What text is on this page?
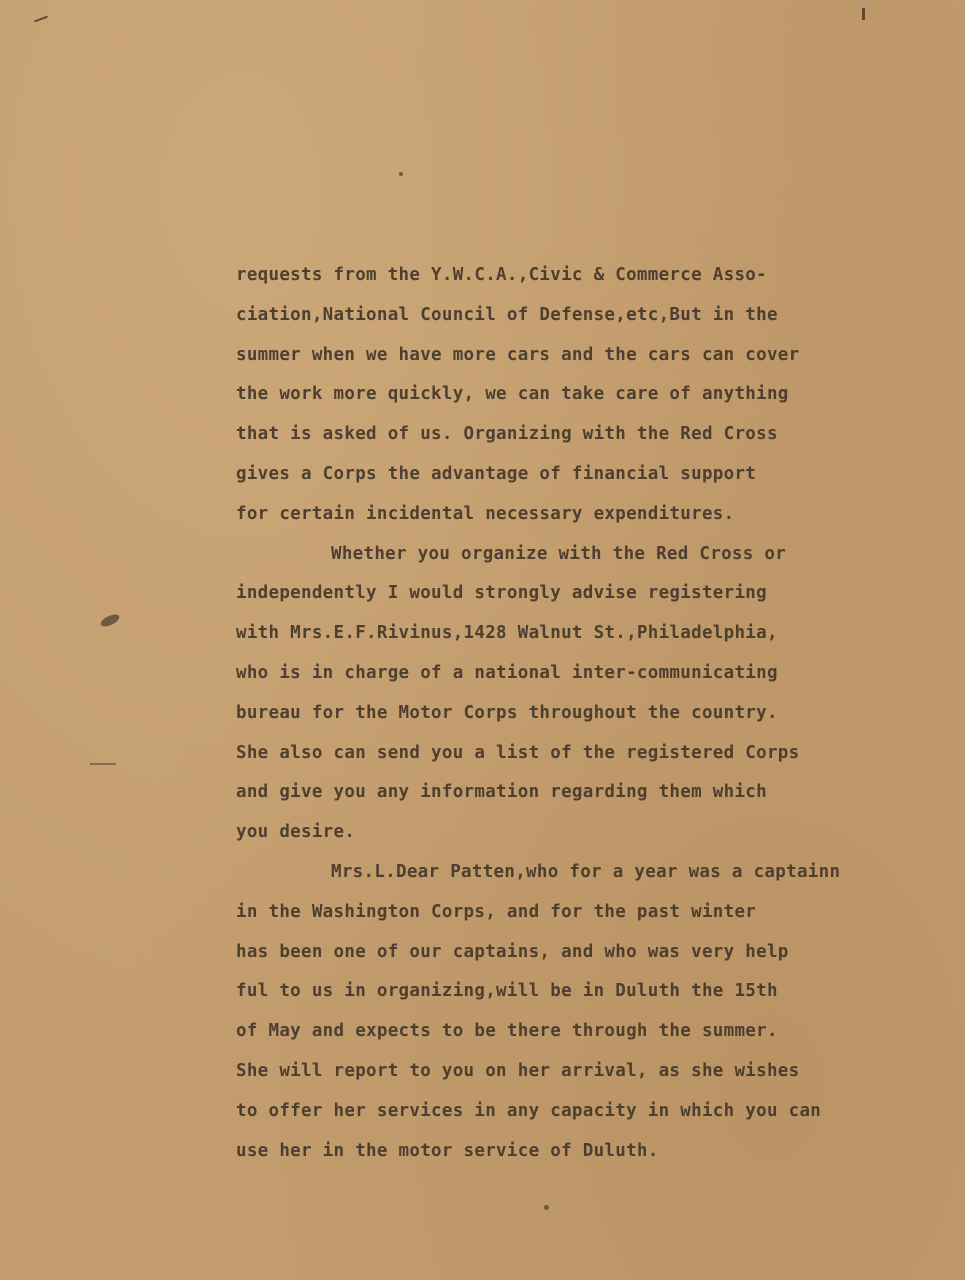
requests from the Y.W.C.A.,Civic & Commerce Asso-
ciation,National Council of Defense,etc,But in the
summer when we have more cars and the cars can cover
the work more quickly, we can take care of anything
that is asked of us. Organizing with the Red Cross
gives a Corps the advantage of financial support
for certain incidental necessary expenditures.
Whether you organize with the Red Cross or
independently I would strongly advise registering
with Mrs.E.F.Rivinus,1428 Walnut St.,Philadelphia,
who is in charge of a national inter-communicating
bureau for the Motor Corps throughout the country.
She also can send you a list of the registered Corps
and give you any information regarding them which
you desire.
Mrs.L.Dear Patten,who for a year was a captainn
in the Washington Corps, and for the past winter
has been one of our captains, and who was very help
ful to us in organizing,will be in Duluth the 15th
of May and expects to be there through the summer.
She will report to you on her arrival, as she wishes
to offer her services in any capacity in which you can
use her in the motor service of Duluth.
